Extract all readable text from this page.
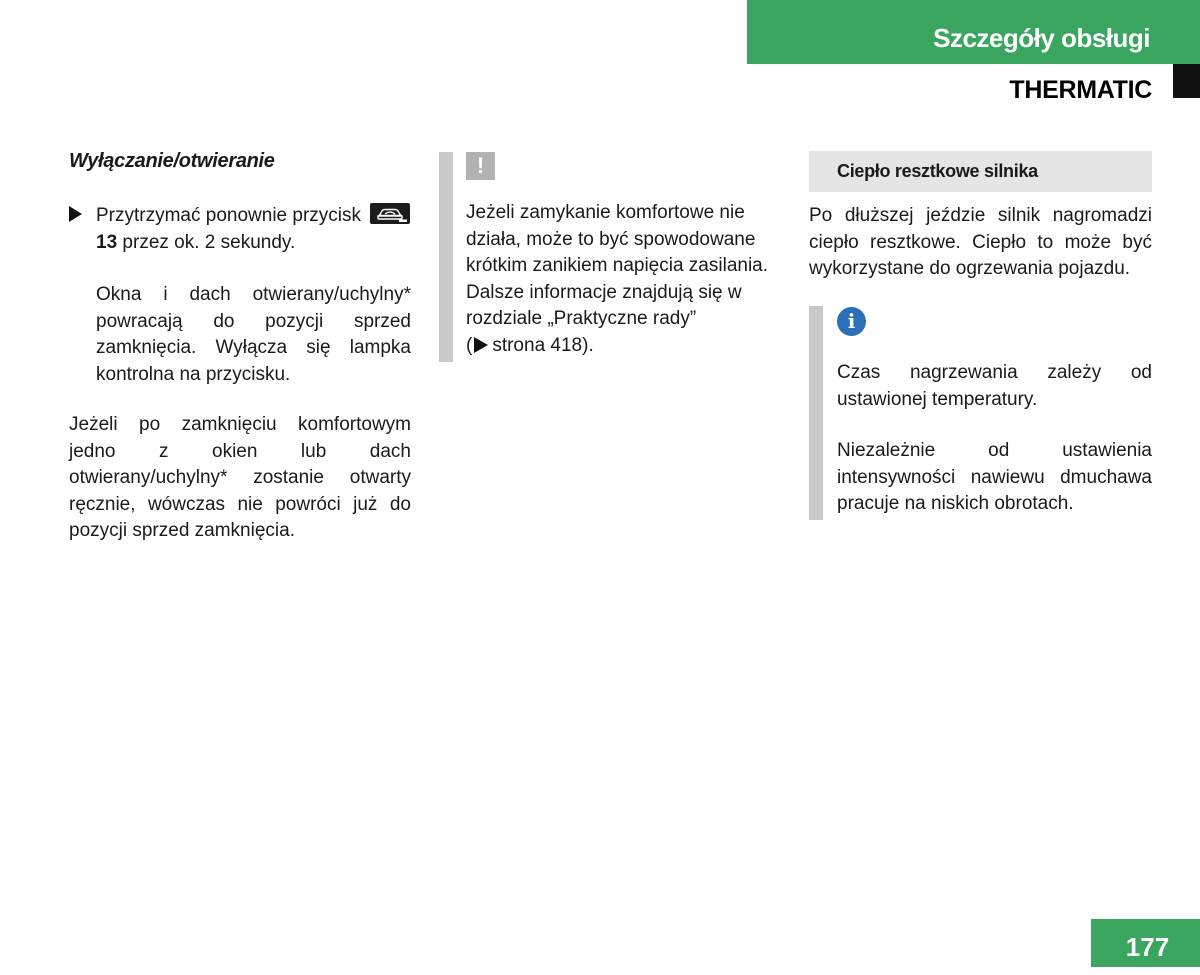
Szczegóły obsługi
THERMATIC
Wyłączanie/otwieranie
Przytrzymać ponownie przycisk

13 przez ok. 2 sekundy.
Okna i dach otwierany/uchylny* powracają do pozycji sprzed zamknięcia. Wyłącza się lampka kontrolna na przycisku.
Jeżeli po zamknięciu komfortowym jedno z okien lub dach otwierany/uchylny* zostanie otwarty ręcznie, wówczas nie powróci już do pozycji sprzed zamknięcia.
!
Jeżeli zamykanie komfortowe nie działa, może to być spowodowane krótkim zanikiem napięcia zasilania. Dalsze informacje znajdują się w rozdziale „Praktyczne rady”
( strona 418).
Ciepło resztkowe silnika
Po dłuższej jeździe silnik nagromadzi ciepło resztkowe. Ciepło to może być wykorzystane do ogrzewania pojazdu.
i
Czas nagrzewania zależy od ustawionej temperatury.
Niezależnie od ustawienia intensywności nawiewu dmuchawa pracuje na niskich obrotach.
177
